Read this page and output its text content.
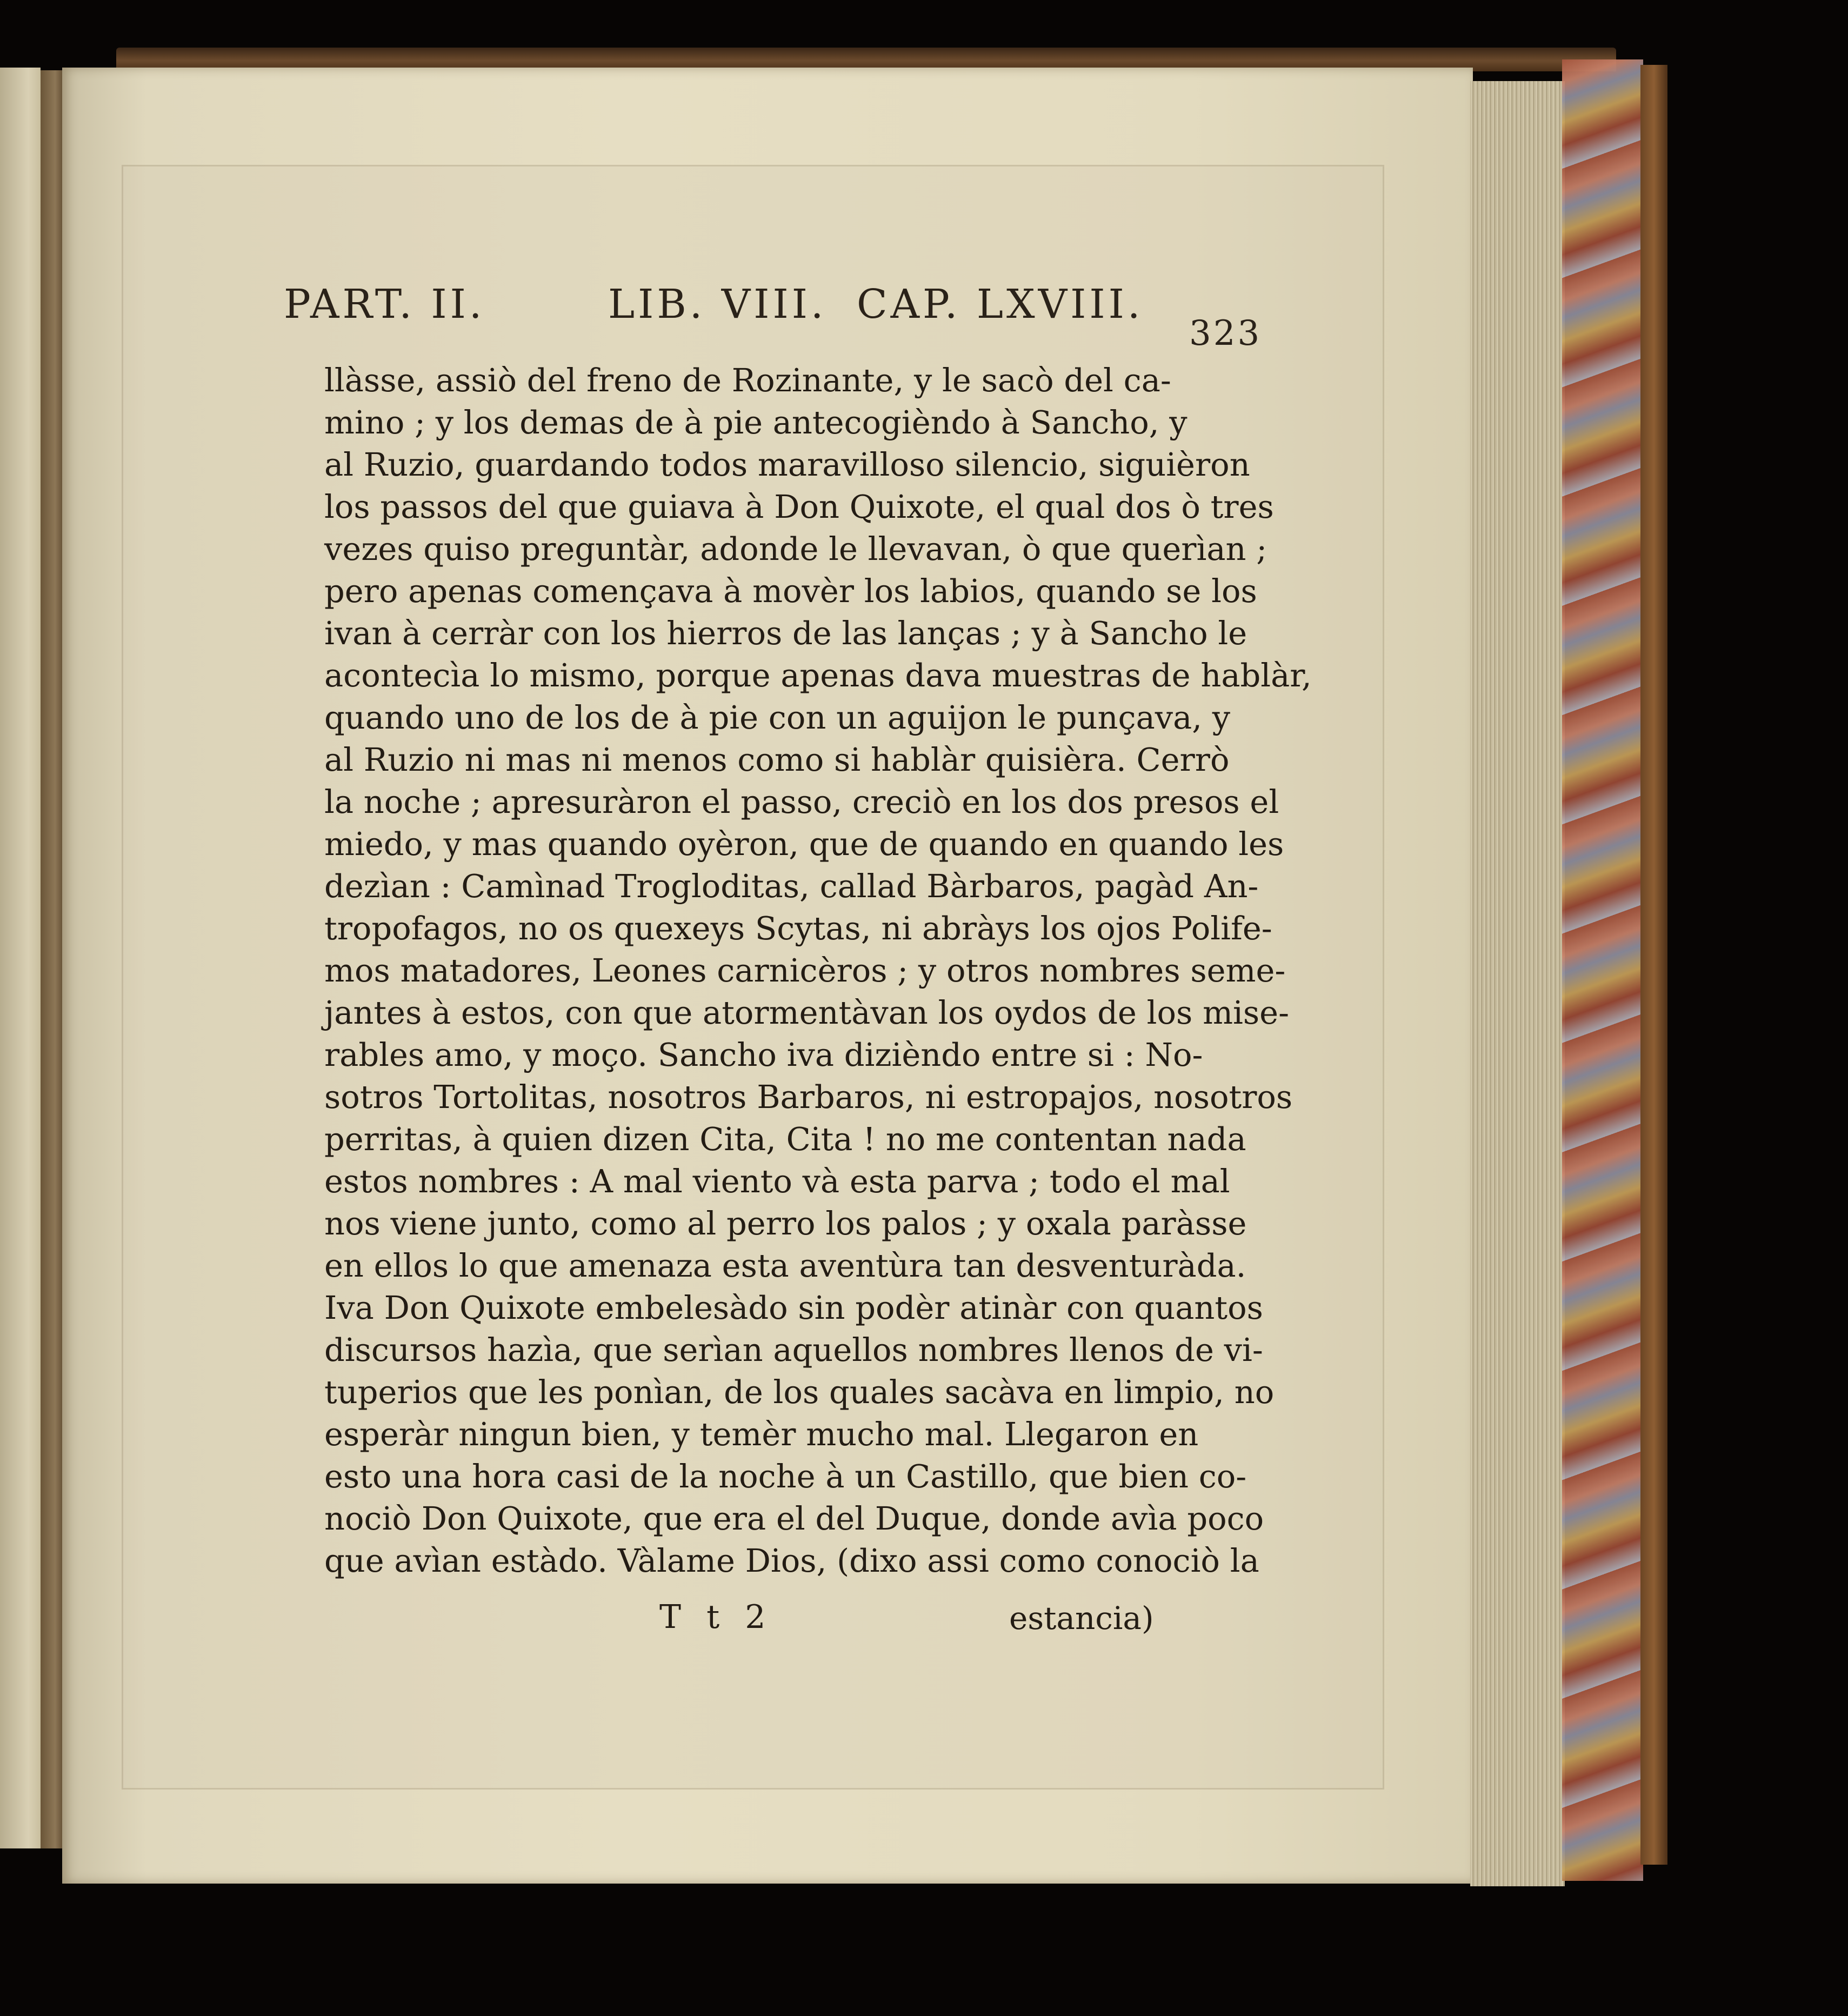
PART. II.	LIB. VIII. CAP. LXVIII.
323
llàsse, assiò del freno de Rozinante, y le sacò del ca-
mino ; y los demas de à pie antecogièndo à Sancho, y
al Ruzio, guardando todos maravilloso silencio, siguièron
los passos del que guiava à Don Quixote, el qual dos ò tres
vezes quiso preguntàr, adonde le llevavan, ò que querìan ;
pero apenas començava à movèr los labios, quando se los
ivan à cerràr con los hierros de las lanças ; y à Sancho le
acontecìa lo mismo, porque apenas dava muestras de hablàr,
quando uno de los de à pie con un aguijon le punçava, y
al Ruzio ni mas ni menos como si hablàr quisièra. Cerrò
la noche ; apresuràron el passo, creciò en los dos presos el
miedo, y mas quando oyèron, que de quando en quando les
dezìan : Camìnad Trogloditas, callad Bàrbaros, pagàd An-
tropofagos, no os quexeys Scytas, ni abràys los ojos Polife-
mos matadores, Leones carnicèros ; y otros nombres seme-
jantes à estos, con que atormentàvan los oydos de los mise-
rables amo, y moço. Sancho iva dizièndo entre si : No-
sotros Tortolitas, nosotros Barbaros, ni estropajos, nosotros
perritas, à quien dizen Cita, Cita ! no me contentan nada
estos nombres : A mal viento và esta parva ; todo el mal
nos viene junto, como al perro los palos ; y oxala paràsse
en ellos lo que amenaza esta aventùra tan desventuràda.
Iva Don Quixote embelesàdo sin podèr atinàr con quantos
discursos hazìa, que serìan aquellos nombres llenos de vi-
tuperios que les ponìan, de los quales sacàva en limpio, no
esperàr ningun bien, y temèr mucho mal. Llegaron en
esto una hora casi de la noche à un Castillo, que bien co-
nociò Don Quixote, que era el del Duque, donde avìa poco
que avìan estàdo. Vàlame Dios, (dixo assi como conociò la
T t 2	estancia)
